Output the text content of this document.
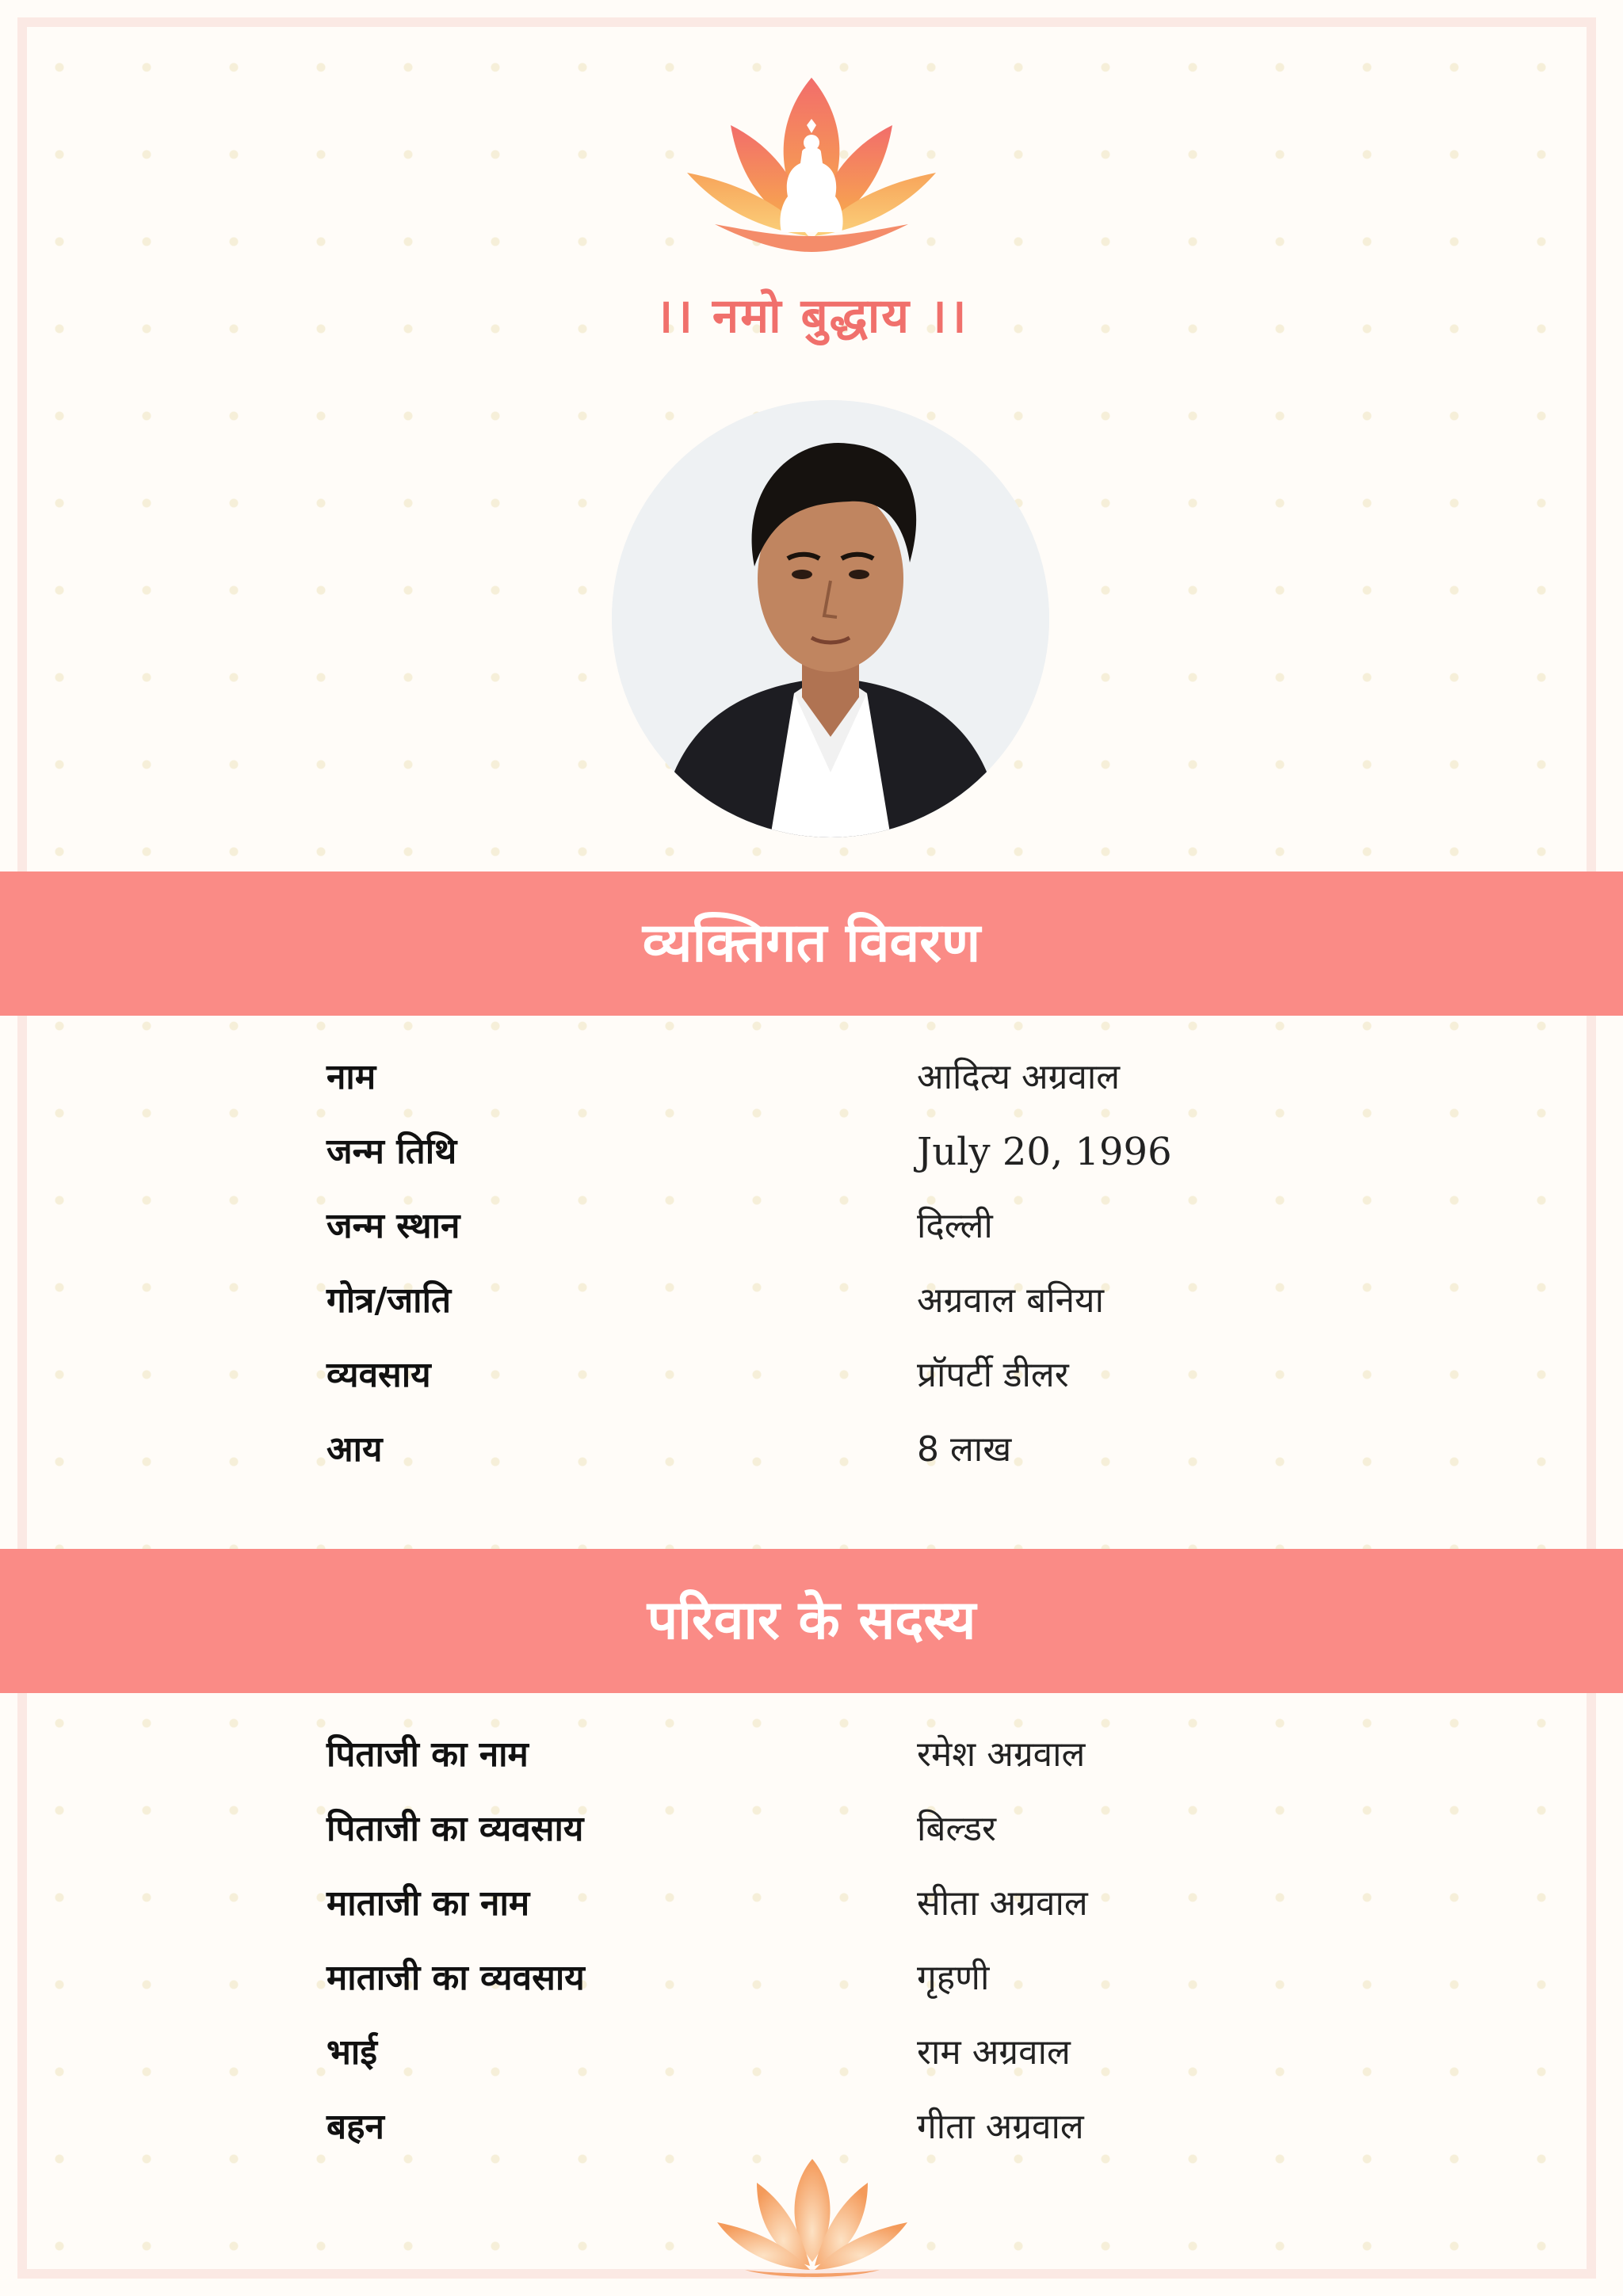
।। नमो बुद्धाय ।।
व्यक्तिगत विवरण
नाम	आदित्य अग्रवाल
जन्म तिथि	July 20, 1996
जन्म स्थान	दिल्ली
गोत्र/जाति	अग्रवाल बनिया
व्यवसाय	प्रॉपर्टी डीलर
आय	8 लाख
परिवार के सदस्य
पिताजी का नाम	रमेश अग्रवाल
पिताजी का व्यवसाय	बिल्डर
माताजी का नाम	सीता अग्रवाल
माताजी का व्यवसाय	गृहणी
भाई	राम अग्रवाल
बहन	गीता अग्रवाल
